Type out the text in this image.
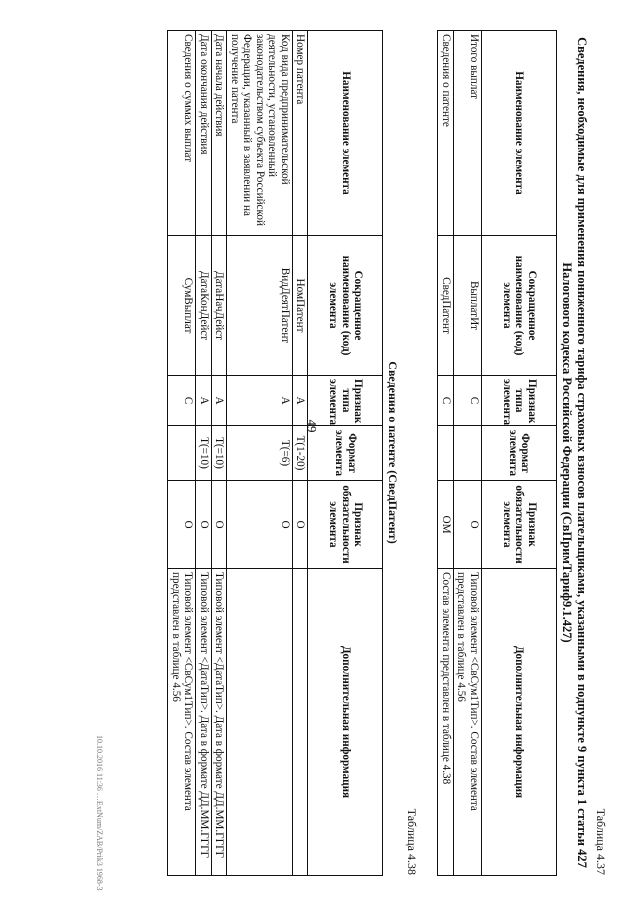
49
Таблица 4.37
Сведения, необходимые для применения пониженного тарифа страховых взносов плательщиками, указанными в подпункте 9 пункта 1 статьи 427 Налогового кодекса Российской Федерации (СвПримТариф9.1.427)
Наименование элемента	Сокращенное наименование (код) элемента	Признак типа элемента	Формат элемента	Признак обязательности элемента	Дополнительная информация
Итого выплат	ВыплатИт	С		О	Типовой элемент <СвСум1Тип>. Состав элемента представлен в таблице 4.56
Сведения о патенте	СведПатент	С		ОМ	Состав элемента представлен в таблице 4.38
Таблица 4.38
Сведения о патенте (СведПатент)
Наименование элемента	Сокращенное наименование (код) элемента	Признак типа элемента	Формат элемента	Признак обязательности элемента	Дополнительная информация
Номер патента	НомПатент	А	T(1-20)	О	
Код вида предпринимательской деятельности, установленный законодательством субъекта Российской Федерации, указанный в заявлении на получение патента	ВидДеятПатент	А	T(=6)	О	
Дата начала действия	ДатаНачДейст	А	T(=10)	О	Типовой элемент <ДатаТип>. Дата в формате ДД.ММ.ГГГГ
Дата окончания действия	ДатаКонДейст	А	T(=10)	О	Типовой элемент <ДатаТип>. Дата в формате ДД.ММ.ГГГГ
Сведения о суммах выплат	СумВыплат	С		О	Типовой элемент <СвСум1Тип>. Состав элемента представлен в таблице 4.56
10.10.2016 11:36 …ExtNum/ZAB/Prik3 1968-3
